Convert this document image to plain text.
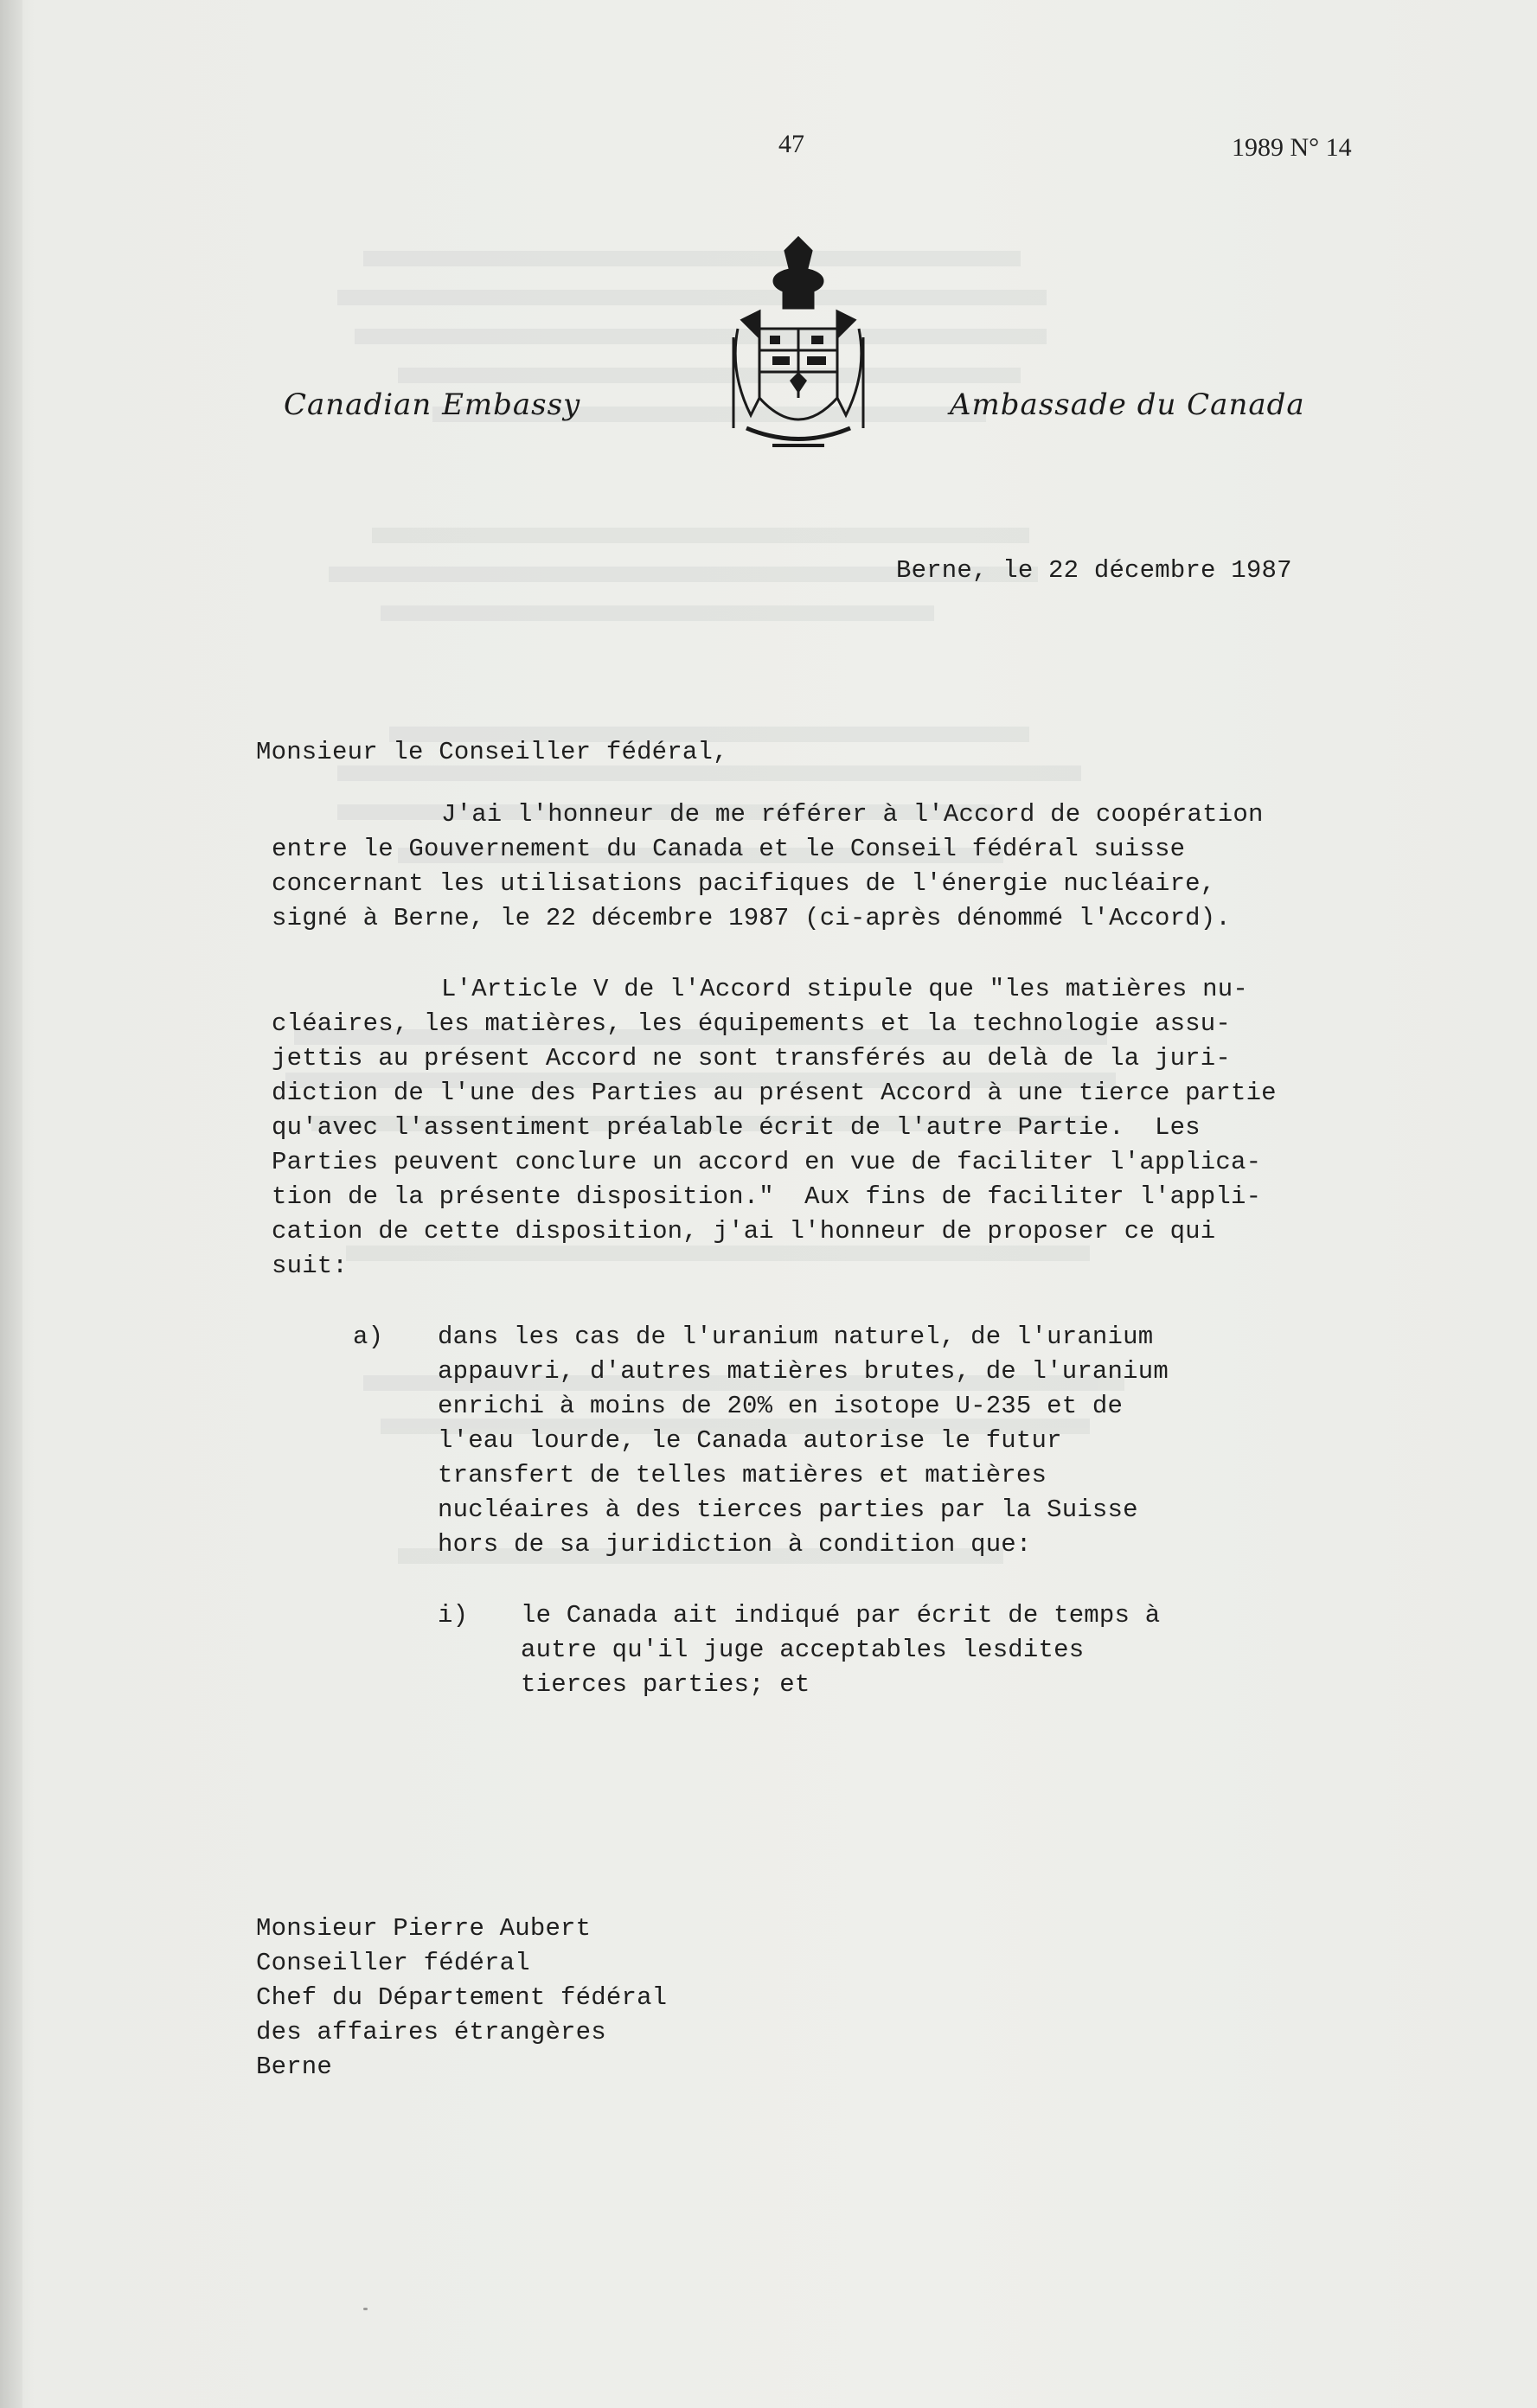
47	1989 N° 14
Canadian Embassy	Ambassade du Canada
Berne, le 22 décembre 1987
Monsieur le Conseiller fédéral,
J'ai l'honneur de me référer à l'Accord de coopération
entre le Gouvernement du Canada et le Conseil fédéral suisse
concernant les utilisations pacifiques de l'énergie nucléaire,
signé à Berne, le 22 décembre 1987 (ci-après dénommé l'Accord).
L'Article V de l'Accord stipule que "les matières nu-
cléaires, les matières, les équipements et la technologie assu-
jettis au présent Accord ne sont transférés au delà de la juri-
diction de l'une des Parties au présent Accord à une tierce partie
qu'avec l'assentiment préalable écrit de l'autre Partie.  Les
Parties peuvent conclure un accord en vue de faciliter l'applica-
tion de la présente disposition."  Aux fins de faciliter l'appli-
cation de cette disposition, j'ai l'honneur de proposer ce qui
suit:
a) dans les cas de l'uranium naturel, de l'uranium
appauvri, d'autres matières brutes, de l'uranium
enrichi à moins de 20% en isotope U-235 et de
l'eau lourde, le Canada autorise le futur
transfert de telles matières et matières
nucléaires à des tierces parties par la Suisse
hors de sa juridiction à condition que:
i) le Canada ait indiqué par écrit de temps à
autre qu'il juge acceptables lesdites
tierces parties; et
Monsieur Pierre Aubert
Conseiller fédéral
Chef du Département fédéral
des affaires étrangères
Berne
